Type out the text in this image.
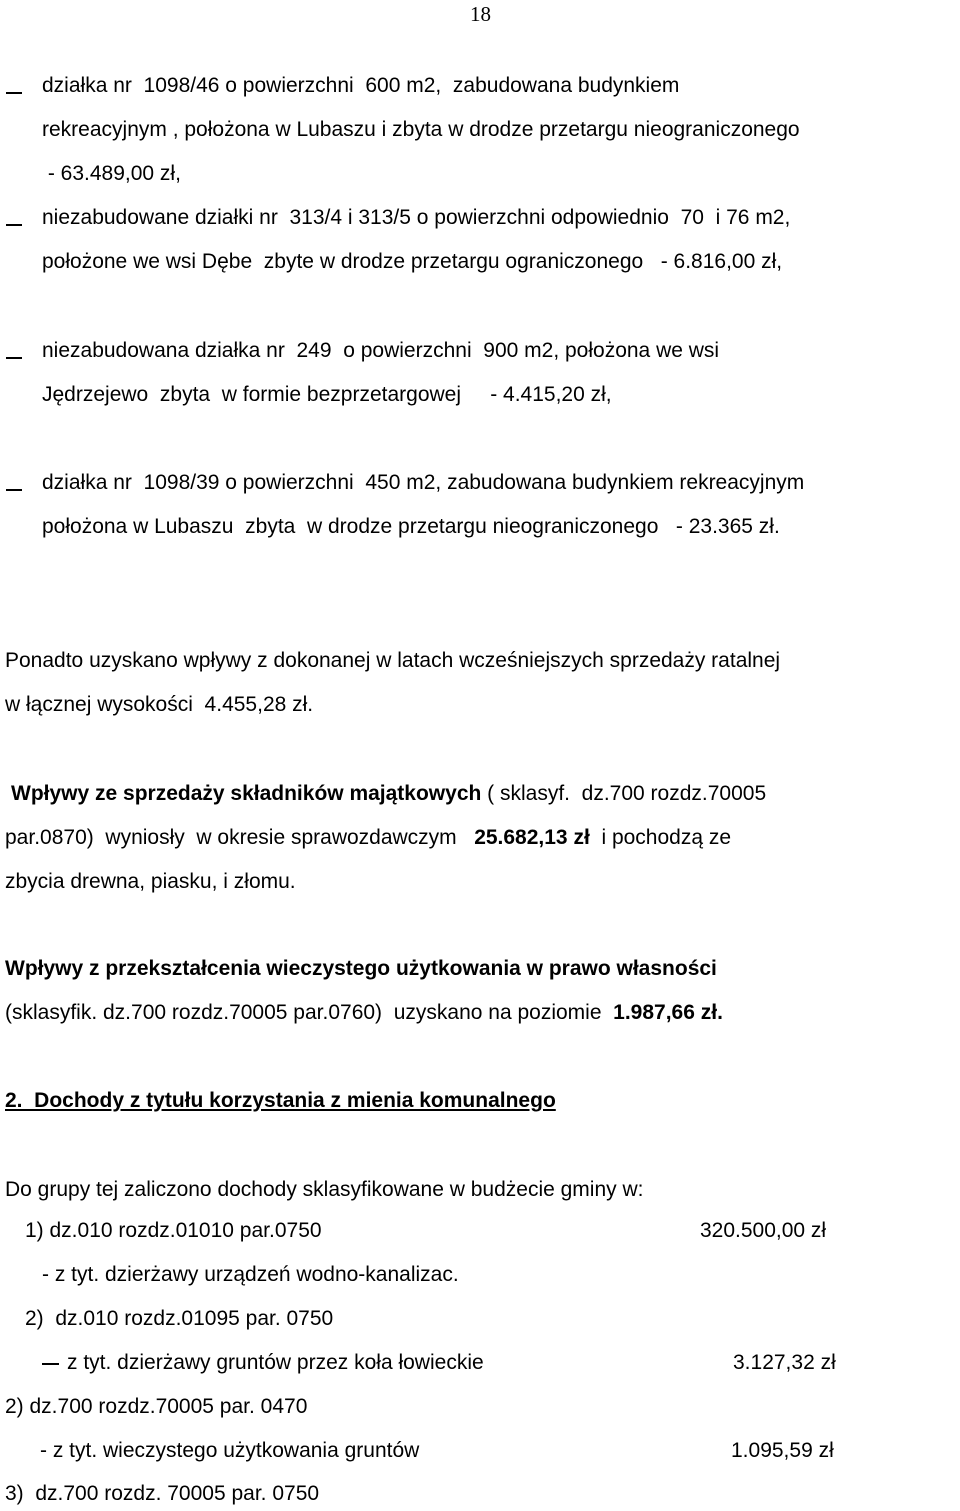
18
działka nr  1098/46 o powierzchni  600 m2,  zabudowana budynkiem
rekreacyjnym , położona w Lubaszu i zbyta w drodze przetargu nieograniczonego
- 63.489,00 zł,
niezabudowane działki nr  313/4 i 313/5 o powierzchni odpowiednio  70  i 76 m2,
położone we wsi Dębe  zbyte w drodze przetargu ograniczonego   - 6.816,00 zł,
niezabudowana działka nr  249  o powierzchni  900 m2, położona we wsi
Jędrzejewo  zbyta  w formie bezprzetargowej     - 4.415,20 zł,
działka nr  1098/39 o powierzchni  450 m2, zabudowana budynkiem rekreacyjnym
położona w Lubaszu  zbyta  w drodze przetargu nieograniczonego   - 23.365 zł.
Ponadto uzyskano wpływy z dokonanej w latach wcześniejszych sprzedaży ratalnej
w łącznej wysokości  4.455,28 zł.
Wpływy ze sprzedaży składników majątkowych ( sklasyf.  dz.700 rozdz.70005
par.0870)  wyniosły  w okresie sprawozdawczym   25.682,13 zł  i pochodzą ze
zbycia drewna, piasku, i złomu.
Wpływy z przekształcenia wieczystego użytkowania w prawo własności
(sklasyfik. dz.700 rozdz.70005 par.0760)  uzyskano na poziomie  1.987,66 zł.
2.  Dochody z tytułu korzystania z mienia komunalnego
Do grupy tej zaliczono dochody sklasyfikowane w budżecie gminy w:
1) dz.010 rozdz.01010 par.0750	320.500,00 zł
- z tyt. dzierżawy urządzeń wodno-kanalizac.
2)  dz.010 rozdz.01095 par. 0750
z tyt. dzierżawy gruntów przez koła łowieckie	3.127,32 zł
2) dz.700 rozdz.70005 par. 0470
- z tyt. wieczystego użytkowania gruntów	1.095,59 zł
3)  dz.700 rozdz. 70005 par. 0750
